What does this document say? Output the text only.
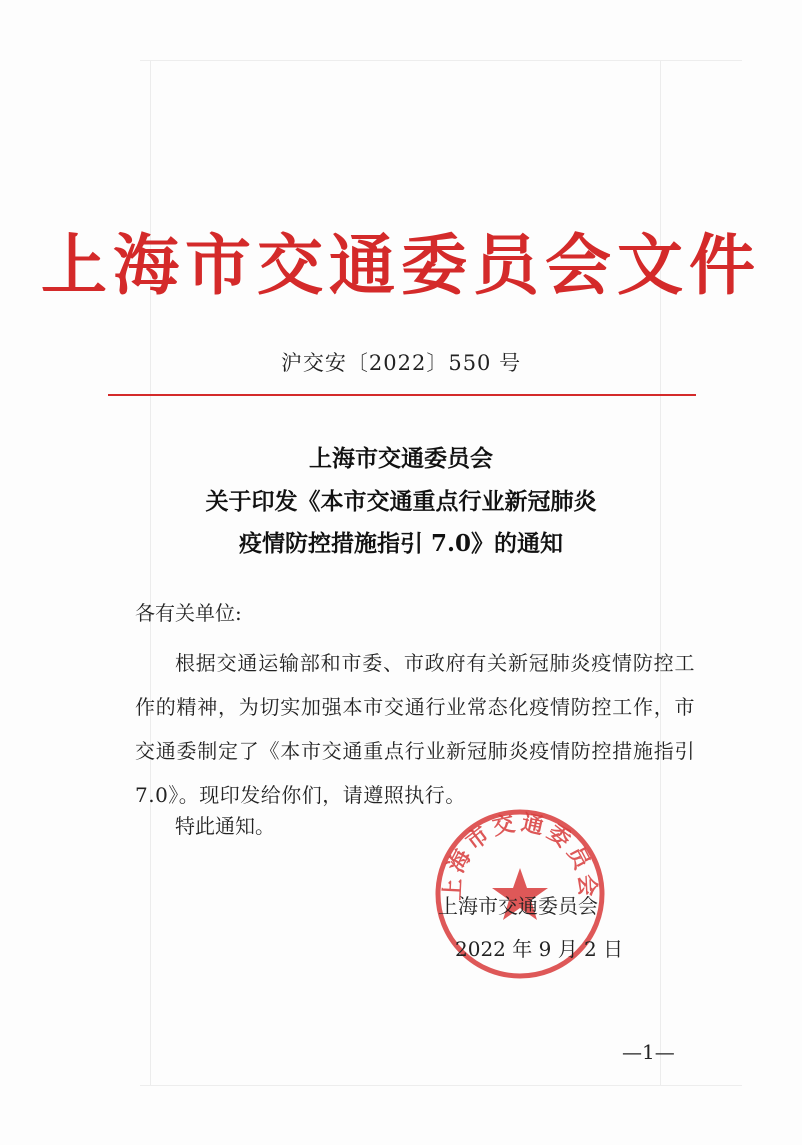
上海市交通委员会文件
沪交安〔2022〕550 号
上海市交通委员会
关于印发《本市交通重点行业新冠肺炎
疫情防控措施指引 7.0》的通知
各有关单位:
根据交通运输部和市委、市政府有关新冠肺炎疫情防控工作的精神，为切实加强本市交通行业常态化疫情防控工作，市交通委制定了《本市交通重点行业新冠肺炎疫情防控措施指引7.0》。现印发给你们，请遵照执行。
特此通知。
上海市交通委员会
上海市交通委员会
2022 年 9 月 2 日
—1—
